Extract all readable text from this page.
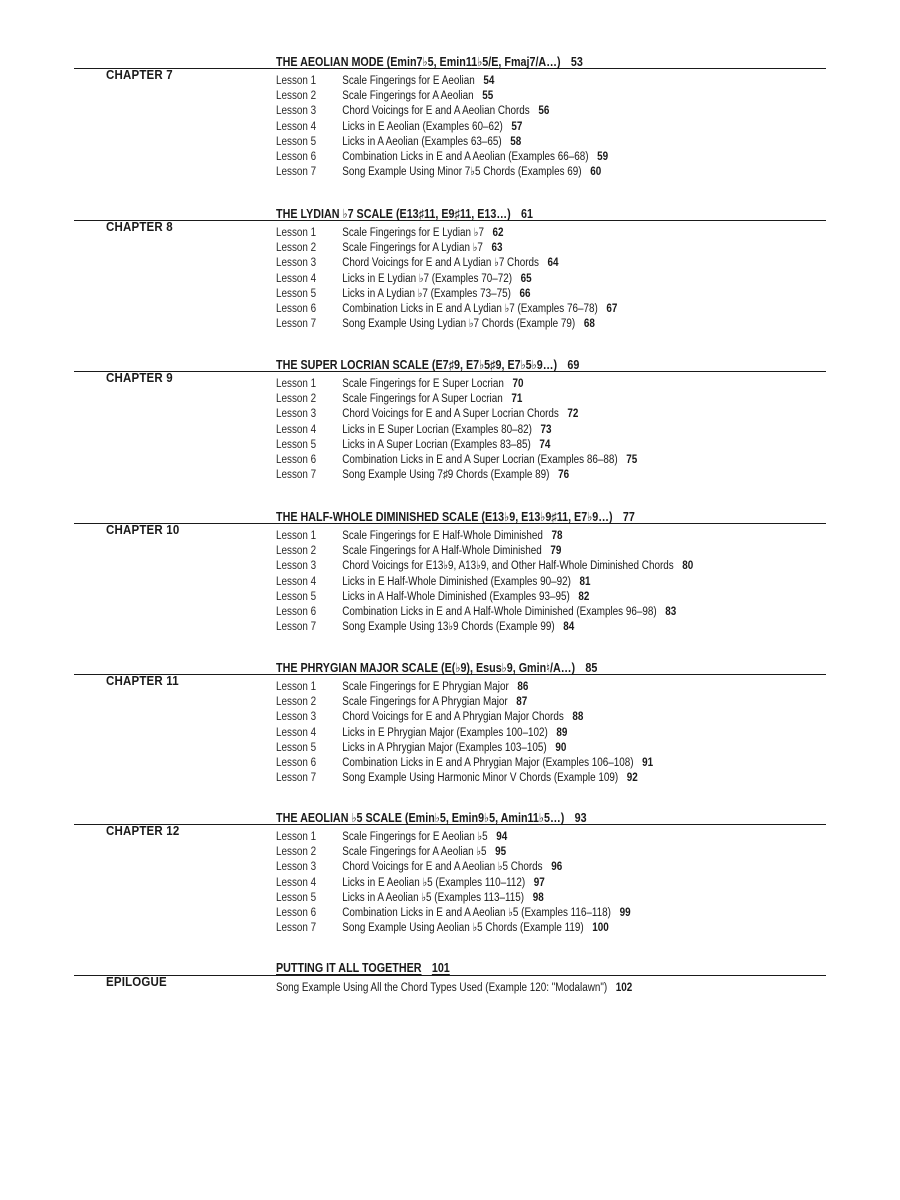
CHAPTER 7
THE AEOLIAN MODE (Emin7♭5, Emin11♭5/E, Fmaj7/A…) 53
Lesson 1 Scale Fingerings for E Aeolian 54
Lesson 2 Scale Fingerings for A Aeolian 55
Lesson 3 Chord Voicings for E and A Aeolian Chords 56
Lesson 4 Licks in E Aeolian (Examples 60–62) 57
Lesson 5 Licks in A Aeolian (Examples 63–65) 58
Lesson 6 Combination Licks in E and A Aeolian (Examples 66–68) 59
Lesson 7 Song Example Using Minor 7♭5 Chords (Examples 69) 60
CHAPTER 8
THE LYDIAN ♭7 SCALE (E13♯11, E9♯11, E13…) 61
Lesson 1 Scale Fingerings for E Lydian ♭7 62
Lesson 2 Scale Fingerings for A Lydian ♭7 63
Lesson 3 Chord Voicings for E and A Lydian ♭7 Chords 64
Lesson 4 Licks in E Lydian ♭7 (Examples 70–72) 65
Lesson 5 Licks in A Lydian ♭7 (Examples 73–75) 66
Lesson 6 Combination Licks in E and A Lydian ♭7 (Examples 76–78) 67
Lesson 7 Song Example Using Lydian ♭7 Chords (Example 79) 68
CHAPTER 9
THE SUPER LOCRIAN SCALE (E7♯9, E7♭5♯9, E7♭5♭9…) 69
Lesson 1 Scale Fingerings for E Super Locrian 70
Lesson 2 Scale Fingerings for A Super Locrian 71
Lesson 3 Chord Voicings for E and A Super Locrian Chords 72
Lesson 4 Licks in E Super Locrian (Examples 80–82) 73
Lesson 5 Licks in A Super Locrian (Examples 83–85) 74
Lesson 6 Combination Licks in E and A Super Locrian (Examples 86–88) 75
Lesson 7 Song Example Using 7♯9 Chords (Example 89) 76
CHAPTER 10
THE HALF-WHOLE DIMINISHED SCALE (E13♭9, E13♭9♯11, E7♭9…) 77
Lesson 1 Scale Fingerings for E Half-Whole Diminished 78
Lesson 2 Scale Fingerings for A Half-Whole Diminished 79
Lesson 3 Chord Voicings for E13♭9, A13♭9, and Other Half-Whole Diminished Chords 80
Lesson 4 Licks in E Half-Whole Diminished (Examples 90–92) 81
Lesson 5 Licks in A Half-Whole Diminished (Examples 93–95) 82
Lesson 6 Combination Licks in E and A Half-Whole Diminished (Examples 96–98) 83
Lesson 7 Song Example Using 13♭9 Chords (Example 99) 84
CHAPTER 11
THE PHRYGIAN MAJOR SCALE (E(♭9), Esus♭9, Gmin♮/A…) 85
Lesson 1 Scale Fingerings for E Phrygian Major 86
Lesson 2 Scale Fingerings for A Phrygian Major 87
Lesson 3 Chord Voicings for E and A Phrygian Major Chords 88
Lesson 4 Licks in E Phrygian Major (Examples 100–102) 89
Lesson 5 Licks in A Phrygian Major (Examples 103–105) 90
Lesson 6 Combination Licks in E and A Phrygian Major (Examples 106–108) 91
Lesson 7 Song Example Using Harmonic Minor V Chords (Example 109) 92
CHAPTER 12
THE AEOLIAN ♭5 SCALE (Emin♭5, Emin9♭5, Amin11♭5…) 93
Lesson 1 Scale Fingerings for E Aeolian ♭5 94
Lesson 2 Scale Fingerings for A Aeolian ♭5 95
Lesson 3 Chord Voicings for E and A Aeolian ♭5 Chords 96
Lesson 4 Licks in E Aeolian ♭5 (Examples 110–112) 97
Lesson 5 Licks in A Aeolian ♭5 (Examples 113–115) 98
Lesson 6 Combination Licks in E and A Aeolian ♭5 (Examples 116–118) 99
Lesson 7 Song Example Using Aeolian ♭5 Chords (Example 119) 100
EPILOGUE
PUTTING IT ALL TOGETHER 101
Song Example Using All the Chord Types Used (Example 120: "Modalawn") 102
